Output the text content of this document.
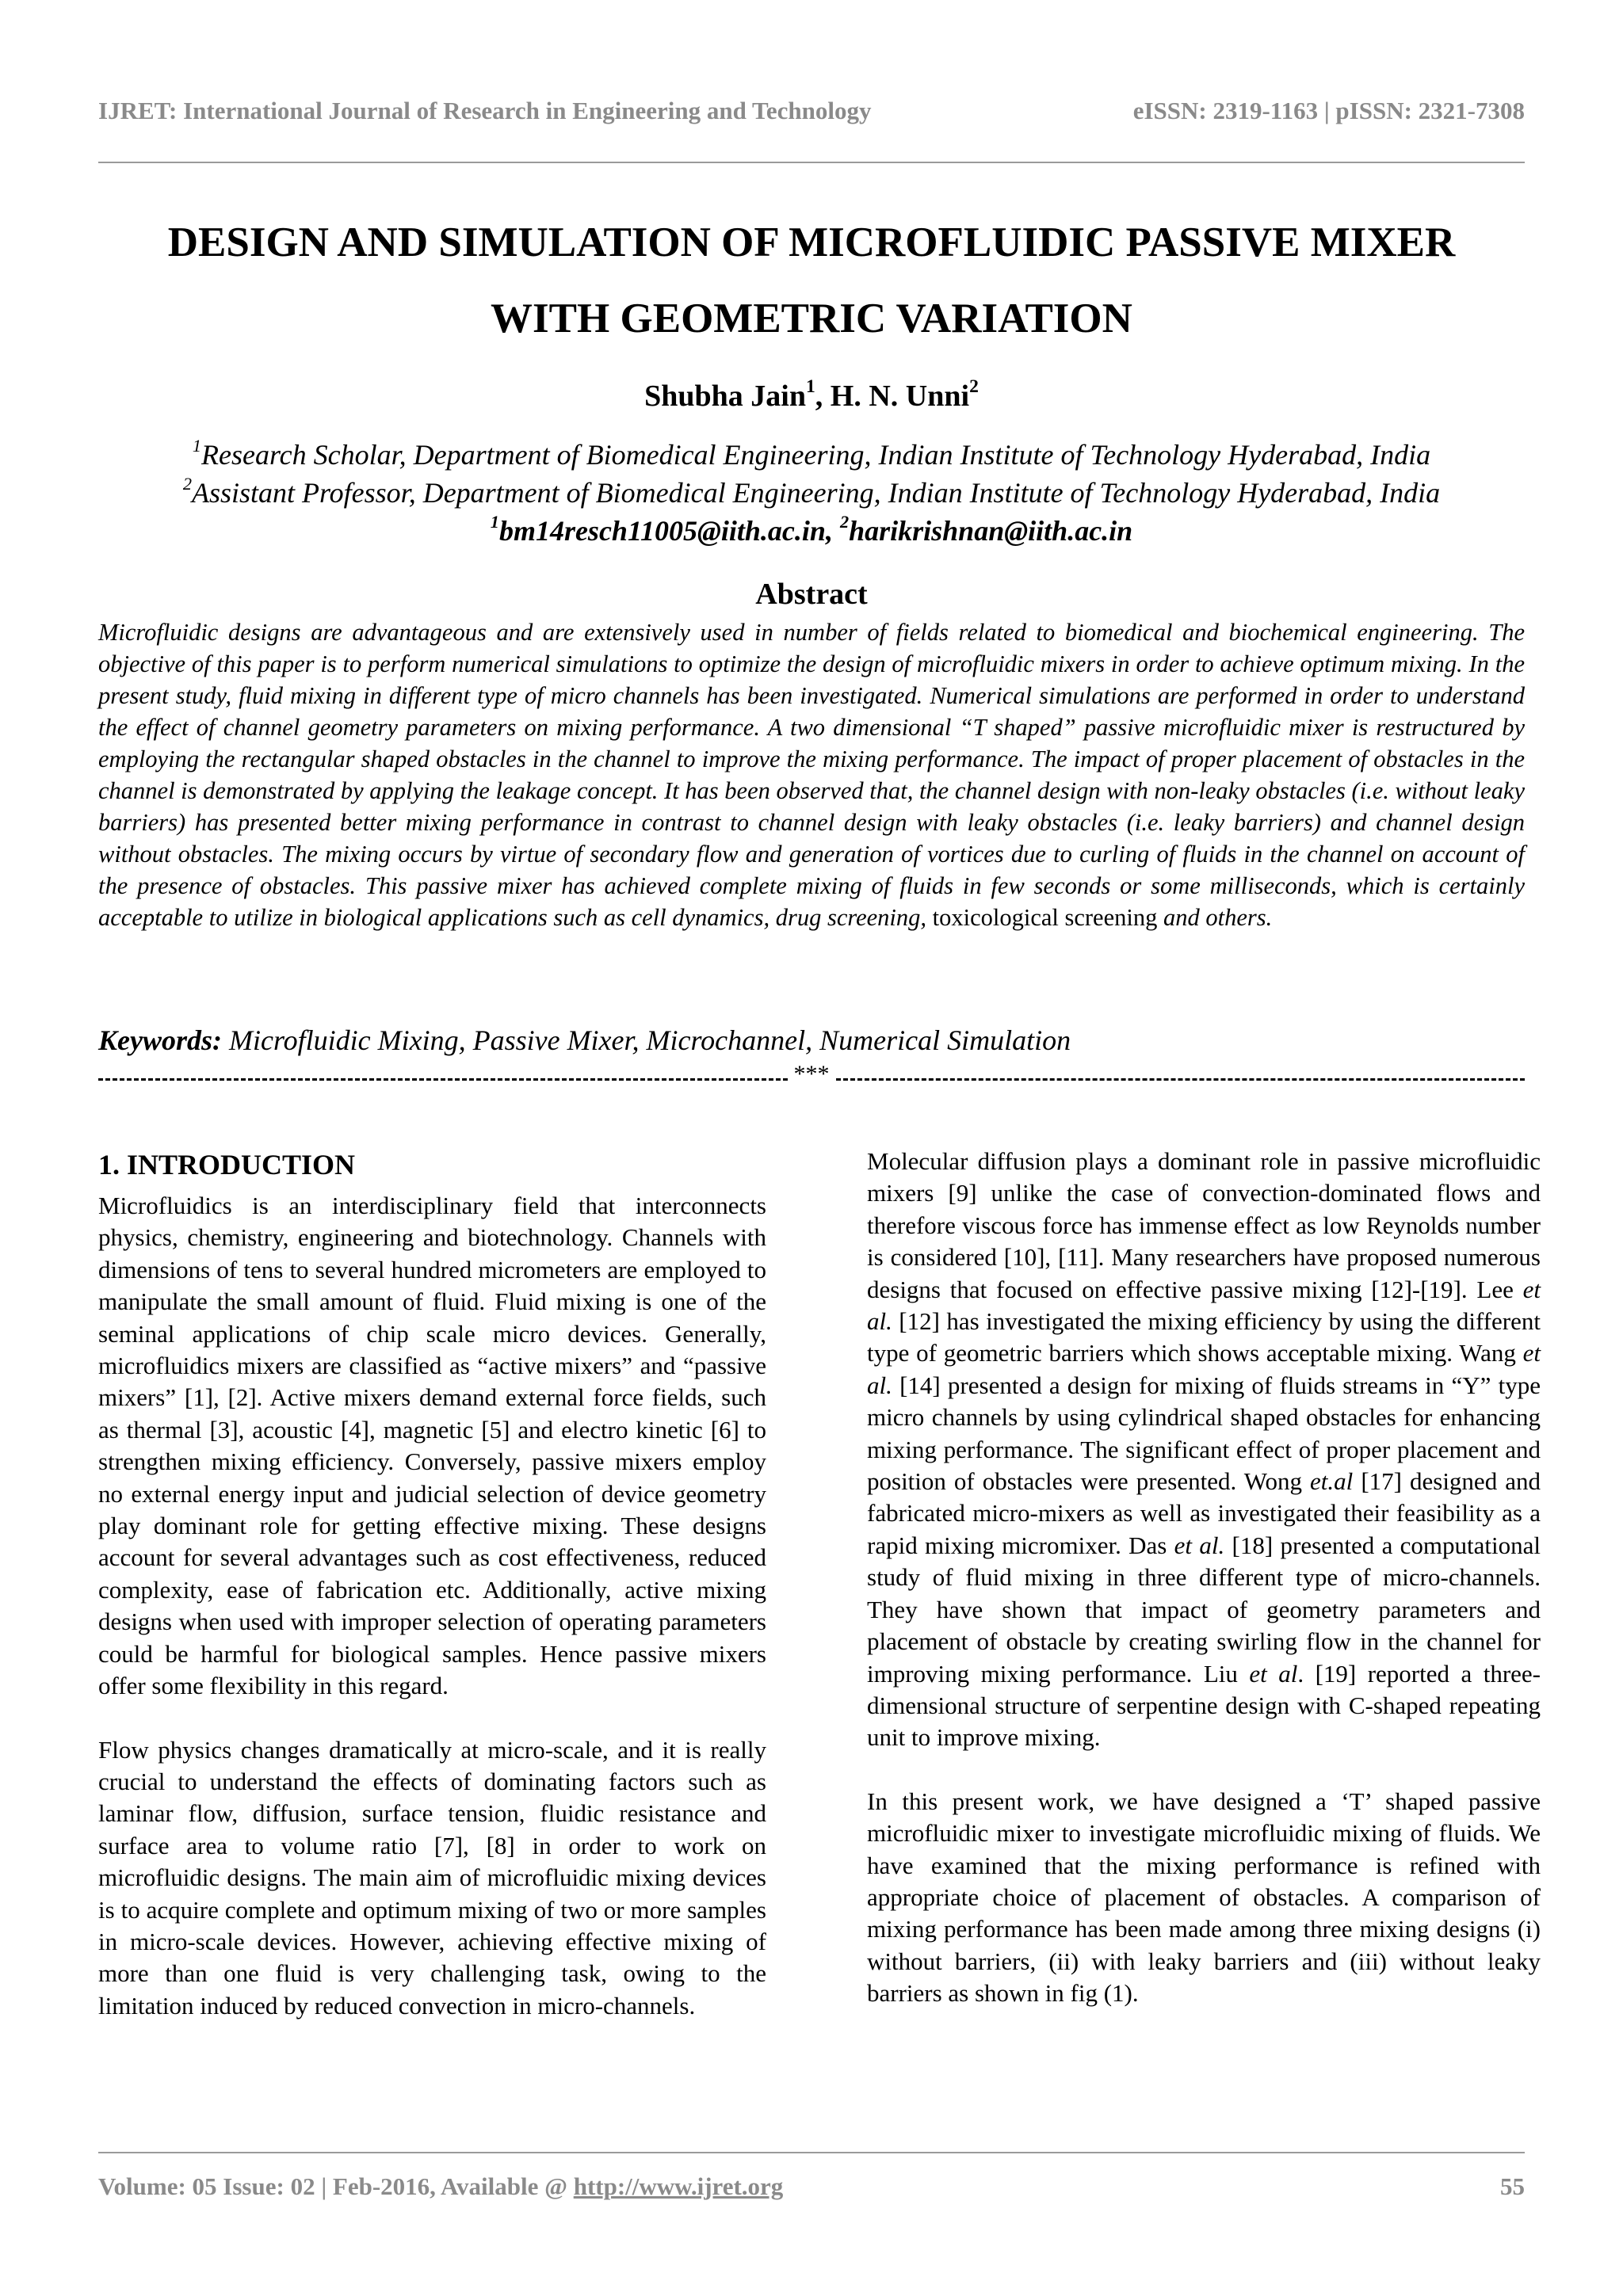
IJRET: International Journal of Research in Engineering and Technology	eISSN: 2319-1163 | pISSN: 2321-7308
DESIGN AND SIMULATION OF MICROFLUIDIC PASSIVE MIXER
WITH GEOMETRIC VARIATION
Shubha Jain$^1$, H. N. Unni$^2$
$^1$Research Scholar, Department of Biomedical Engineering, Indian Institute of Technology Hyderabad, India
$^2$Assistant Professor, Department of Biomedical Engineering, Indian Institute of Technology Hyderabad, India
$^1$bm14resch11005@iith.ac.in, $^2$harikrishnan@iith.ac.in
Abstract
Microfluidic designs are advantageous and are extensively used in number of fields related to biomedical and biochemical engineering. The objective of this paper is to perform numerical simulations to optimize the design of microfluidic mixers in order to achieve optimum mixing. In the present study, fluid mixing in different type of micro channels has been investigated. Numerical simulations are performed in order to understand the effect of channel geometry parameters on mixing performance. A two dimensional “T shaped” passive microfluidic mixer is restructured by employing the rectangular shaped obstacles in the channel to improve the mixing performance. The impact of proper placement of obstacles in the channel is demonstrated by applying the leakage concept. It has been observed that, the channel design with non-leaky obstacles (i.e. without leaky barriers) has presented better mixing performance in contrast to channel design with leaky obstacles (i.e. leaky barriers) and channel design without obstacles. The mixing occurs by virtue of secondary flow and generation of vortices due to curling of fluids in the channel on account of the presence of obstacles. This passive mixer has achieved complete mixing of fluids in few seconds or some milliseconds, which is certainly acceptable to utilize in biological applications such as cell dynamics, drug screening, toxicological screening and others.
Keywords: Microfluidic Mixing, Passive Mixer, Microchannel, Numerical Simulation
***
1. INTRODUCTION

Microfluidics is an interdisciplinary field that interconnects physics, chemistry, engineering and biotechnology. Channels with dimensions of tens to several hundred micrometers are employed to manipulate the small amount of fluid. Fluid mixing is one of the seminal applications of chip scale micro devices. Generally, microfluidics mixers are classified as “active mixers” and “passive mixers” [1], [2]. Active mixers demand external force fields, such as thermal [3], acoustic [4], magnetic [5] and electro kinetic [6] to strengthen mixing efficiency. Conversely, passive mixers employ no external energy input and judicial selection of device geometry play dominant role for getting effective mixing. These designs account for several advantages such as cost effectiveness, reduced complexity, ease of fabrication etc. Additionally, active mixing designs when used with improper selection of operating parameters could be harmful for biological samples. Hence passive mixers offer some flexibility in this regard.

Flow physics changes dramatically at micro-scale, and it is really crucial to understand the effects of dominating factors such as laminar flow, diffusion, surface tension, fluidic resistance and surface area to volume ratio [7], [8] in order to work on microfluidic designs. The main aim of microfluidic mixing devices is to acquire complete and optimum mixing of two or more samples in micro-scale devices. However, achieving effective mixing of more than one fluid is very challenging task, owing to the limitation induced by reduced convection in micro-channels.

Molecular diffusion plays a dominant role in passive microfluidic mixers [9] unlike the case of convection-dominated flows and therefore viscous force has immense effect as low Reynolds number is considered [10], [11]. Many researchers have proposed numerous designs that focused on effective passive mixing [12]-[19]. Lee et al. [12] has investigated the mixing efficiency by using the different type of geometric barriers which shows acceptable mixing. Wang et al. [14] presented a design for mixing of fluids streams in “Y” type micro channels by using cylindrical shaped obstacles for enhancing mixing performance. The significant effect of proper placement and position of obstacles were presented. Wong et.al [17] designed and fabricated micro-mixers as well as investigated their feasibility as a rapid mixing micromixer. Das et al. [18] presented a computational study of fluid mixing in three different type of micro-channels. They have shown that impact of geometry parameters and placement of obstacle by creating swirling flow in the channel for improving mixing performance. Liu et al. [19] reported a three-dimensional structure of serpentine design with C-shaped repeating unit to improve mixing.

In this present work, we have designed a ‘T’ shaped passive microfluidic mixer to investigate microfluidic mixing of fluids. We have examined that the mixing performance is refined with appropriate choice of placement of obstacles. A comparison of mixing performance has been made among three mixing designs (i) without barriers, (ii) with leaky barriers and (iii) without leaky barriers as shown in fig (1).

Volume: 05 Issue: 02 | Feb-2016, Available @ http://www.ijret.org	55
